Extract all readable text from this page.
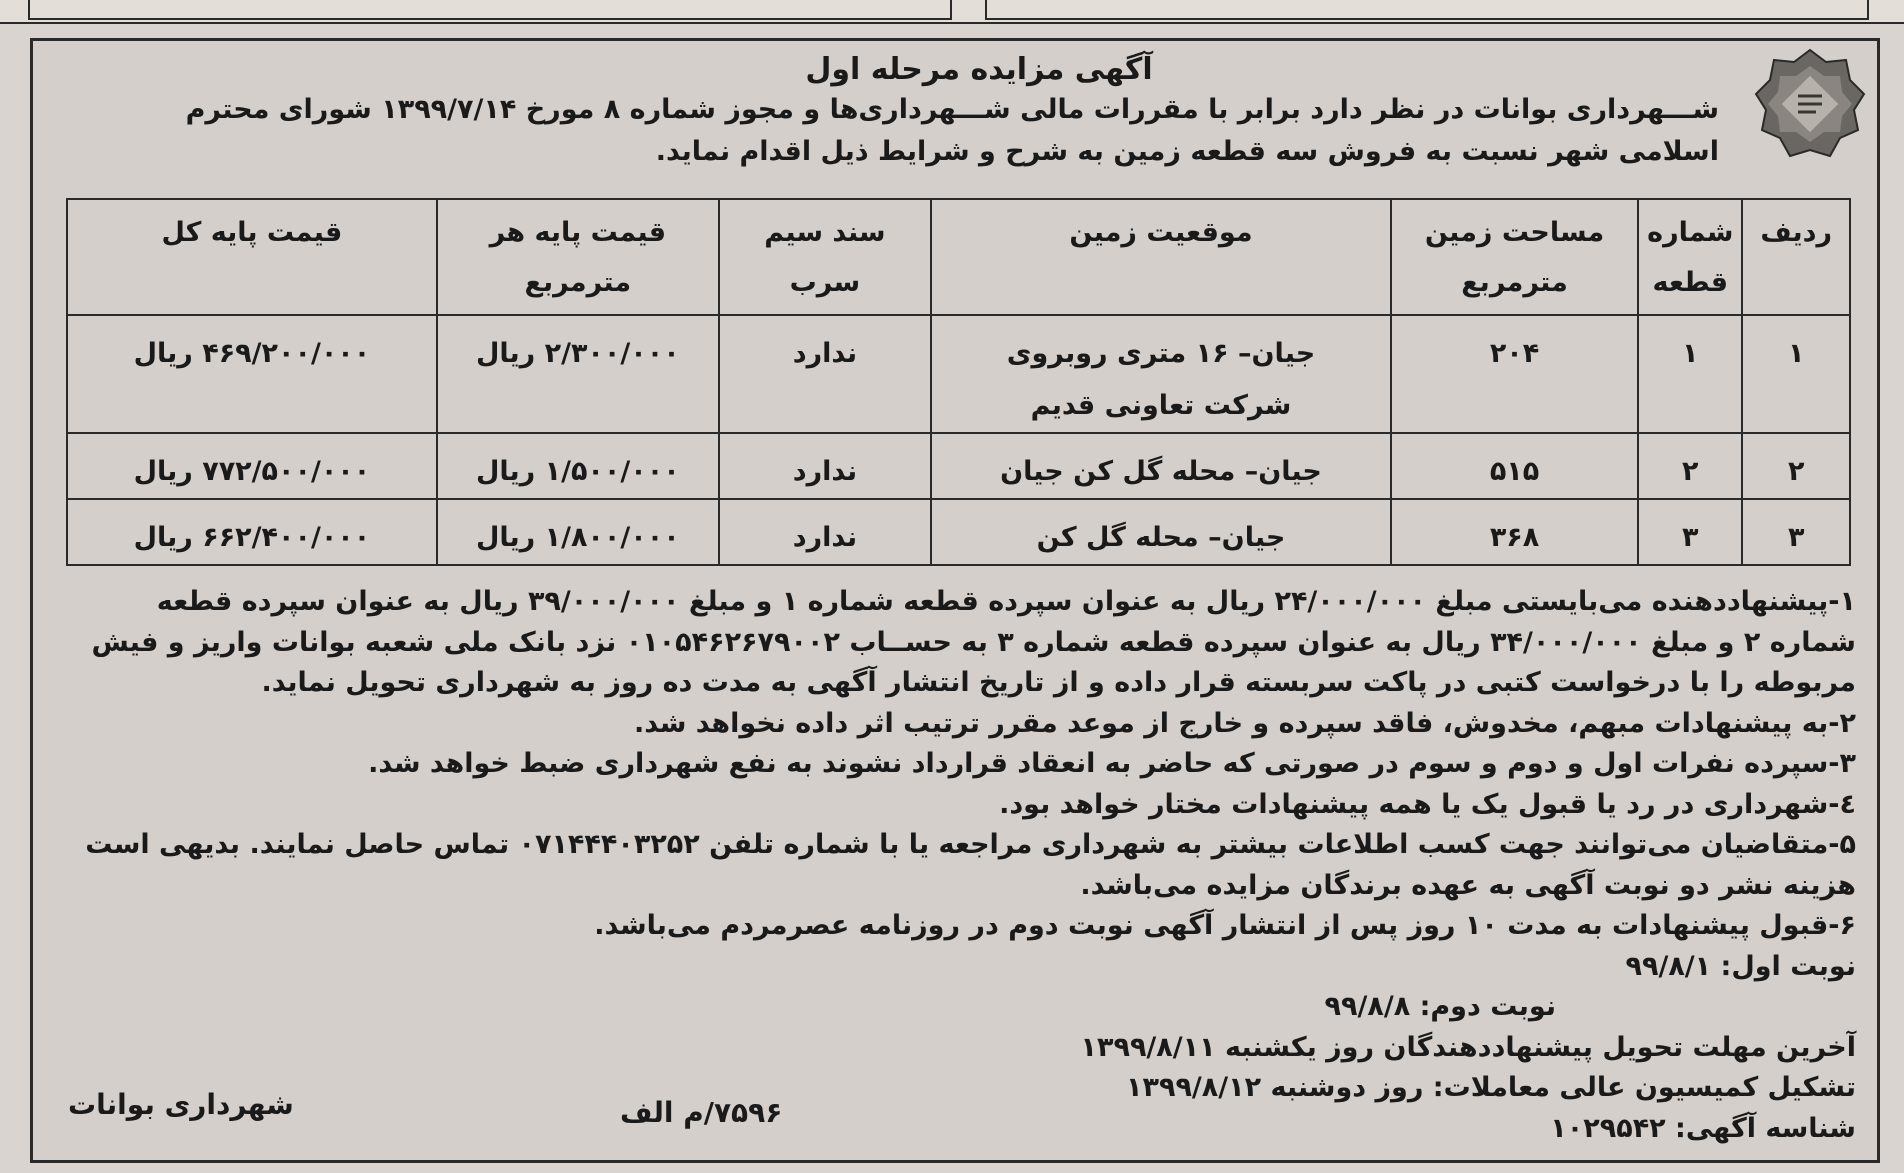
آگهی مزایده مرحله اول

شـــهرداری بوانات در نظر دارد برابر با مقررات مالی شـــهرداری‌ها و مجوز شماره ۸ مورخ ۱۳۹۹/۷/۱۴ شورای محترم اسلامی شهر نسبت به فروش سه قطعه زمین به شرح و شرایط ذیل اقدام نماید.

ردیف	شماره قطعه	مساحت زمین مترمربع	موقعیت زمین	سند سیم سرب	قیمت پایه هر مترمربع	قیمت پایه کل
۱	۱	۲۰۴	جیان– ۱۶ متری روبروی شرکت تعاونی قدیم	ندارد	۲/۳۰۰/۰۰۰ ریال	۴۶۹/۲۰۰/۰۰۰ ریال
۲	۲	۵۱۵	جیان– محله گل کن جیان	ندارد	۱/۵۰۰/۰۰۰ ریال	۷۷۲/۵۰۰/۰۰۰ ریال
۳	۳	۳۶۸	جیان– محله گل کن	ندارد	۱/۸۰۰/۰۰۰ ریال	۶۶۲/۴۰۰/۰۰۰ ریال

۱-پیشنهاددهنده می‌بایستی مبلغ ۲۴/۰۰۰/۰۰۰ ریال به عنوان سپرده قطعه شماره ۱ و مبلغ ۳۹/۰۰۰/۰۰۰ ریال به عنوان سپرده قطعه شماره ۲ و مبلغ ۳۴/۰۰۰/۰۰۰ ریال به عنوان سپرده قطعه شماره ۳ به حســاب ۰۱۰۵۴۶۲۶۷۹۰۰۲ نزد بانک ملی شعبه بوانات واریز و فیش مربوطه را با درخواست کتبی در پاکت سربسته قرار داده و از تاریخ انتشار آگهی به مدت ده روز به شهرداری تحویل نماید.

۲-به پیشنهادات مبهم، مخدوش، فاقد سپرده و خارج از موعد مقرر ترتیب اثر داده نخواهد شد.

۳-سپرده نفرات اول و دوم و سوم در صورتی که حاضر به انعقاد قرارداد نشوند به نفع شهرداری ضبط خواهد شد.

٤-شهرداری در رد یا قبول یک یا همه پیشنهادات مختار خواهد بود.

۵-متقاضیان می‌توانند جهت کسب اطلاعات بیشتر به شهرداری مراجعه یا با شماره تلفن ۰۷۱۴۴۴۰۳۲۵۲ تماس حاصل نمایند. بدیهی است هزینه نشر دو نوبت آگهی به عهده برندگان مزایده می‌باشد.

۶-قبول پیشنهادات به مدت ۱۰ روز پس از انتشار آگهی نوبت دوم در روزنامه عصرمردم می‌باشد.

نوبت اول: ۹۹/۸/۱

نوبت دوم: ۹۹/۸/۸

آخرین مهلت تحویل پیشنهاددهندگان روز یکشنبه ۱۳۹۹/۸/۱۱

تشکیل کمیسیون عالی معاملات: روز دوشنبه ۱۳۹۹/۸/۱۲

شناسه آگهی: ۱۰۲۹۵۴۲

۷۵۹۶/م الف
شهرداری بوانات
